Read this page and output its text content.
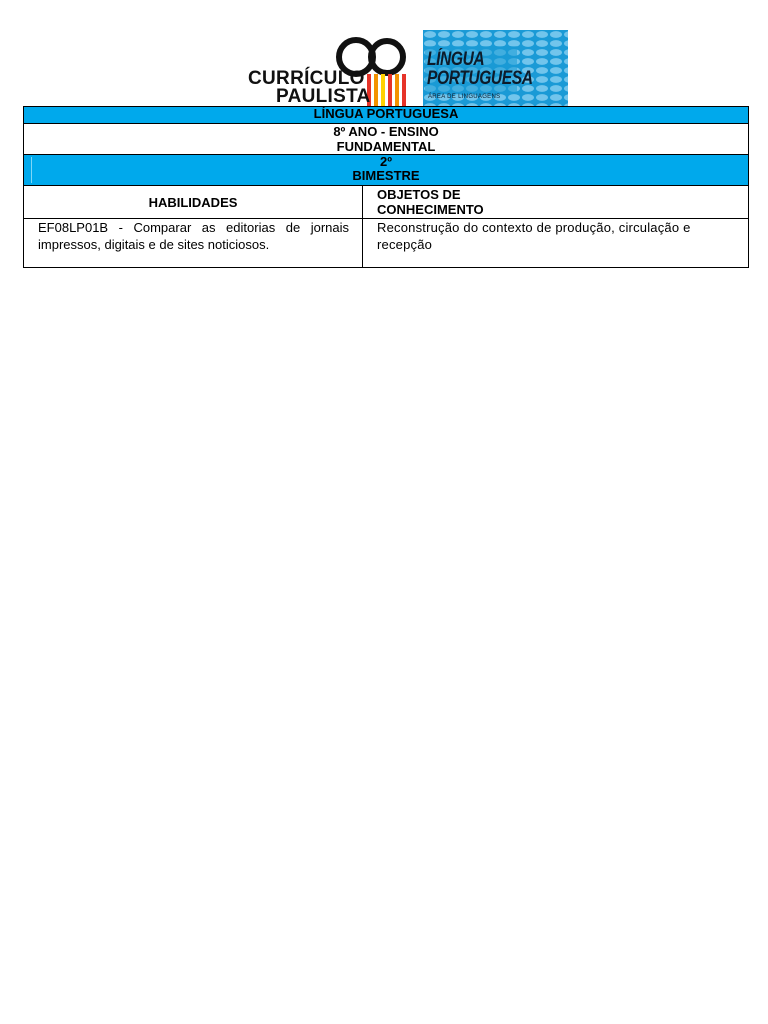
CURRÍCULO
PAULISTA
LÍNGUA
PORTUGUESA
ÁREA DE LINGUAGENS
LÍNGUA PORTUGUESA	

8º ANO - ENSINO
FUNDAMENTAL	

2º
BIMESTRE	

HABILIDADES	OBJETOS DE
CONHECIMENTO

EF08LP01B - Comparar as editorias de jornais impressos, digitais e de sites noticiosos.	Reconstrução do contexto de produção, circulação e recepção
